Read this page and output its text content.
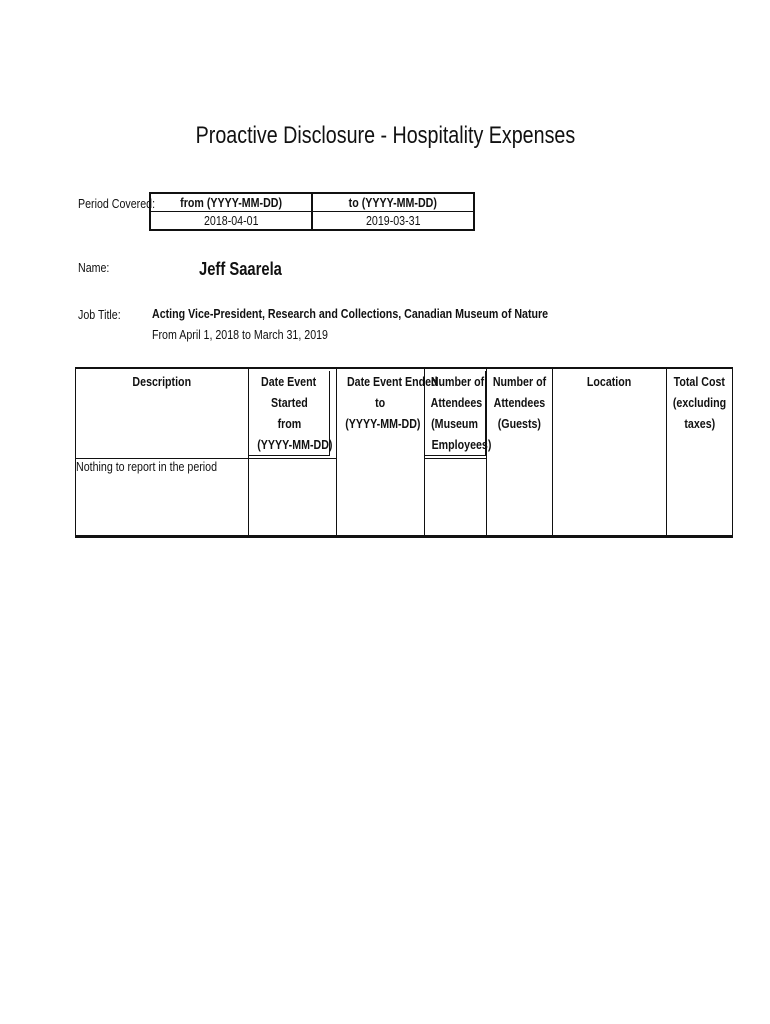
Proactive Disclosure - Hospitality Expenses
Period Covered:	from (YYYY-MM-DD)	to (YYYY-MM-DD)
2018-04-01	2019-03-31
Name:	Jeff Saarela
Job Title:	Acting Vice-President, Research and Collections, Canadian Museum of Nature
From April 1, 2018 to March 31, 2019
Description	Date Event
Started
from
(YYYY-MM-DD)	Date Event Ended
to
(YYYY-MM-DD)	Number of
Attendees
(Museum
Employees)	Number of
Attendees
(Guests)	Location	Total Cost
(excluding
taxes)
Nothing to report in the period						
